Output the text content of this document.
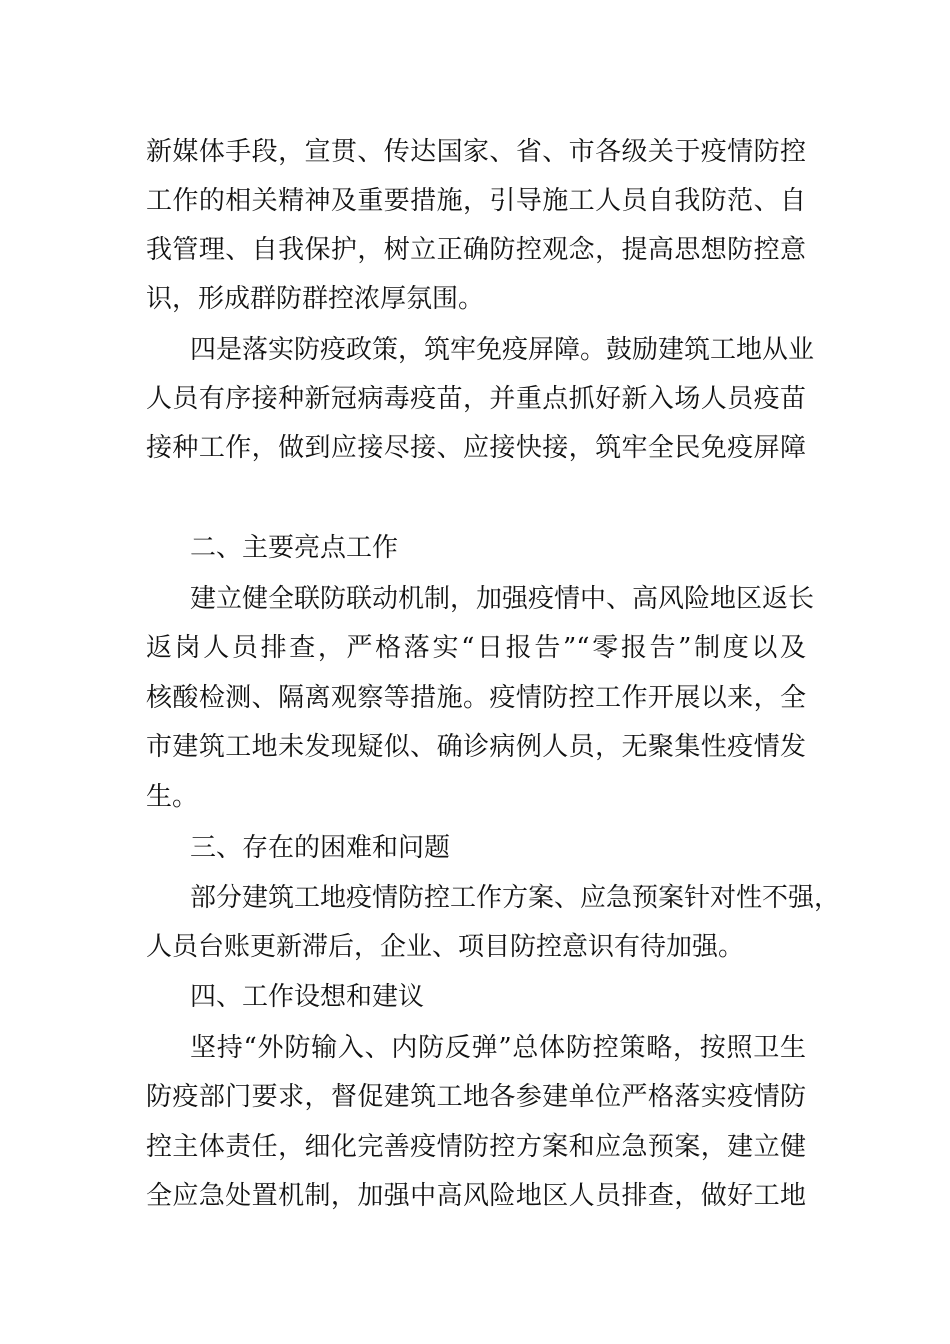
新媒体手段，宣贯、传达国家、省、市各级关于疫情防控
工作的相关精神及重要措施，引导施工人员自我防范、自
我管理、自我保护，树立正确防控观念，提高思想防控意
识，形成群防群控浓厚氛围。
四是落实防疫政策，筑牢免疫屏障。鼓励建筑工地从业
人员有序接种新冠病毒疫苗，并重点抓好新入场人员疫苗
接种工作，做到应接尽接、应接快接，筑牢全民免疫屏障
二、主要亮点工作
建立健全联防联动机制，加强疫情中、高风险地区返长
返岗人员排查，严格落实“日报告”“零报告”制度以及
核酸检测、隔离观察等措施。疫情防控工作开展以来，全
市建筑工地未发现疑似、确诊病例人员，无聚集性疫情发
生。
三、存在的困难和问题
部分建筑工地疫情防控工作方案、应急预案针对性不强，
人员台账更新滞后，企业、项目防控意识有待加强。
四、工作设想和建议
坚持“外防输入、内防反弹”总体防控策略，按照卫生
防疫部门要求，督促建筑工地各参建单位严格落实疫情防
控主体责任，细化完善疫情防控方案和应急预案，建立健
全应急处置机制，加强中高风险地区人员排查，做好工地
